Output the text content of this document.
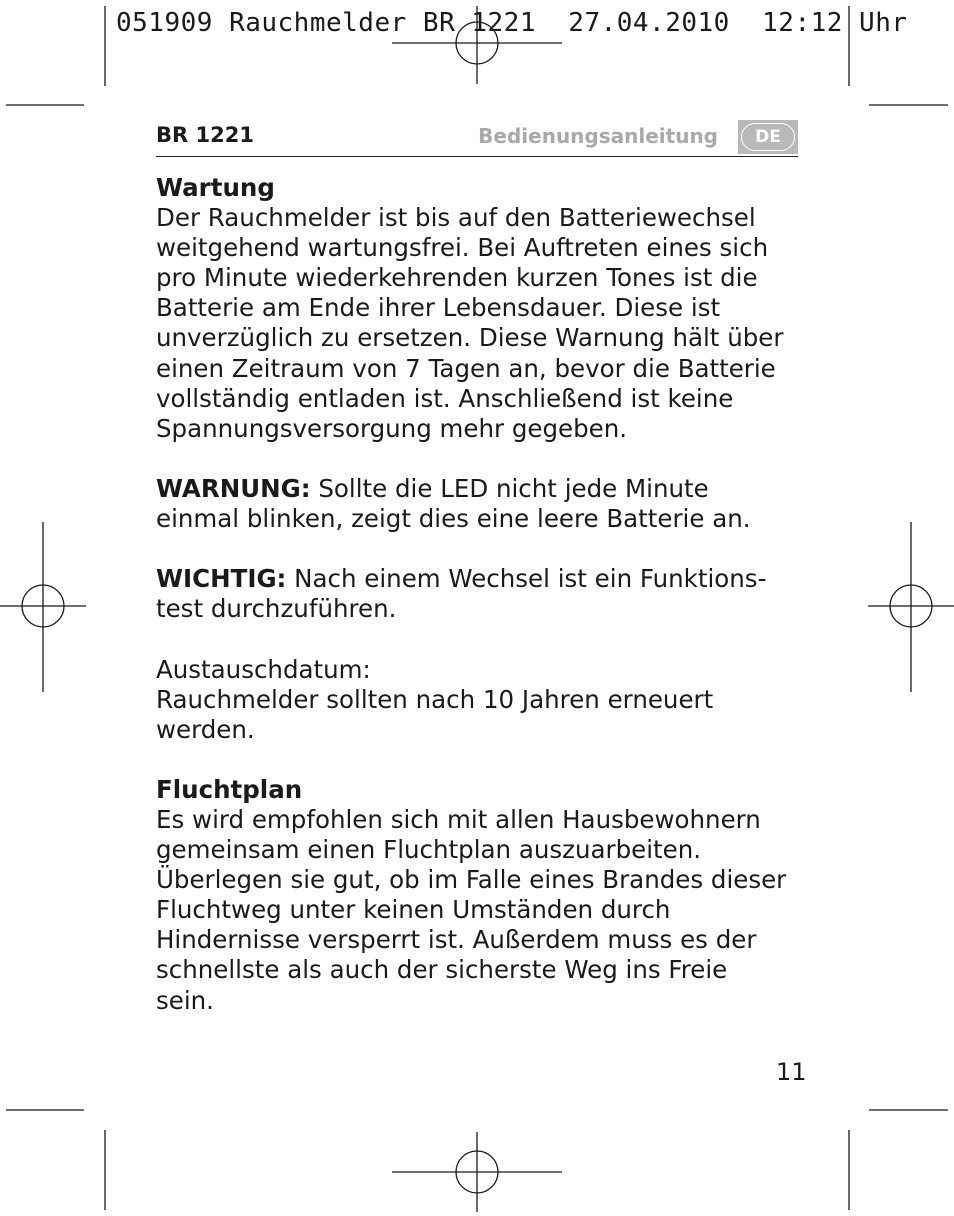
051909 Rauchmelder BR 1221  27.04.2010  12:12 Uhr
BR 1221	Bedienungsanleitung	DE

Wartung

Der Rauchmelder ist bis auf den Batteriewechsel

weitgehend wartungsfrei. Bei Auftreten eines sich

pro Minute wiederkehrenden kurzen Tones ist die

Batterie am Ende ihrer Lebensdauer. Diese ist

unverzüglich zu ersetzen. Diese Warnung hält über

einen Zeitraum von 7 Tagen an, bevor die Batterie

vollständig entladen ist. Anschließend ist keine

Spannungsversorgung mehr gegeben.

WARNUNG: Sollte die LED nicht jede Minute

einmal blinken, zeigt dies eine leere Batterie an.

WICHTIG: Nach einem Wechsel ist ein Funktions-

test durchzuführen.

Austauschdatum:

Rauchmelder sollten nach 10 Jahren erneuert

werden.

Fluchtplan

Es wird empfohlen sich mit allen Hausbewohnern

gemeinsam einen Fluchtplan auszuarbeiten.

Überlegen sie gut, ob im Falle eines Brandes dieser

Fluchtweg unter keinen Umständen durch

Hindernisse versperrt ist. Außerdem muss es der

schnellste als auch der sicherste Weg ins Freie

sein.

11
